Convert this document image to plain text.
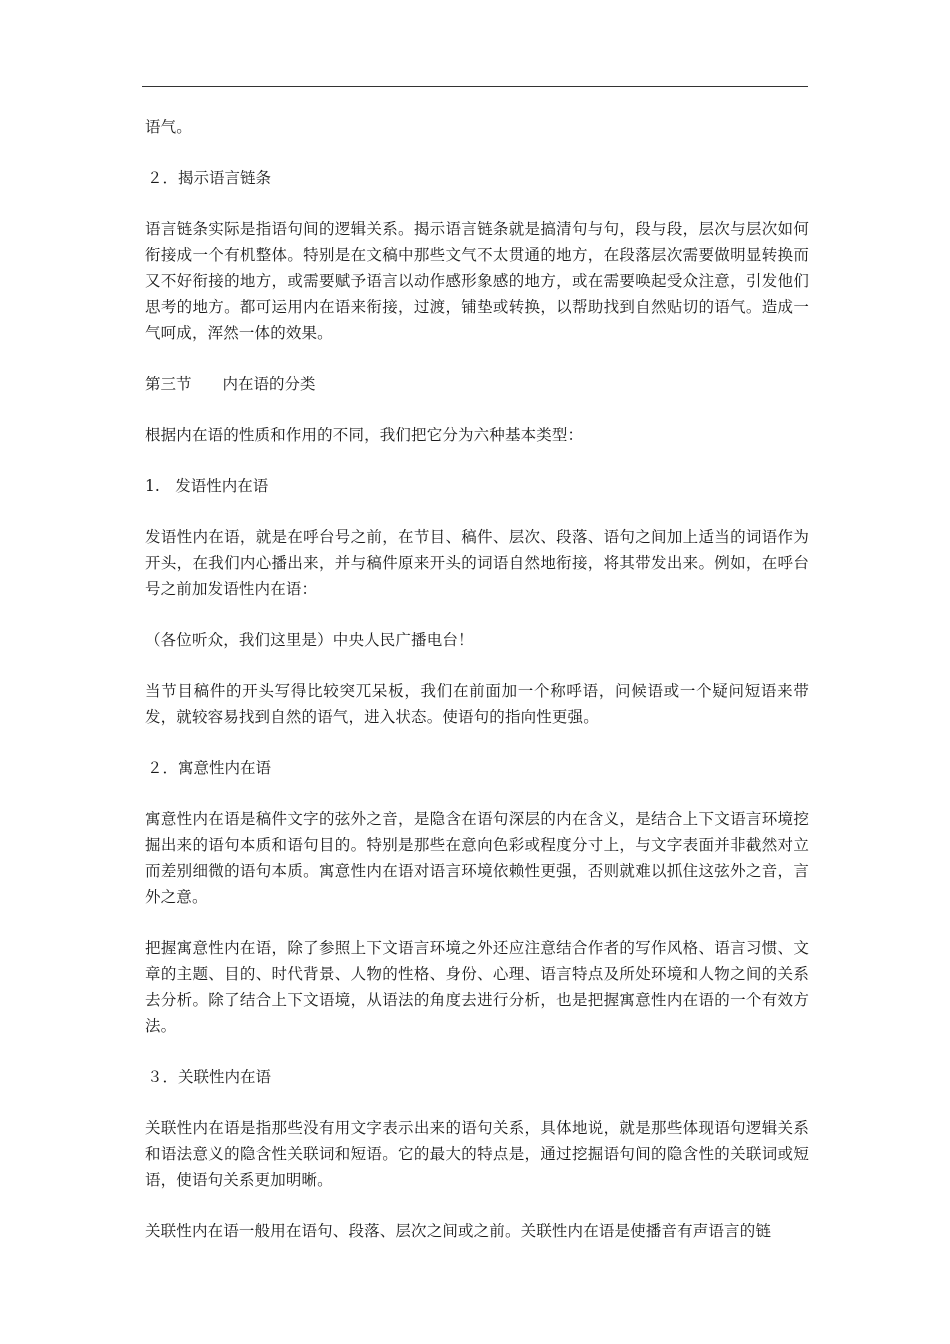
语气。

２．揭示语言链条

语言链条实际是指语句间的逻辑关系。揭示语言链条就是搞清句与句，段与段，层次与层次如何衔接成一个有机整体。特别是在文稿中那些文气不太贯通的地方，在段落层次需要做明显转换而又不好衔接的地方，或需要赋予语言以动作感形象感的地方，或在需要唤起受众注意，引发他们思考的地方。都可运用内在语来衔接，过渡，铺垫或转换，以帮助找到自然贴切的语气。造成一气呵成，浑然一体的效果。

第三节　　内在语的分类

根据内在语的性质和作用的不同，我们把它分为六种基本类型：

1.　发语性内在语

发语性内在语，就是在呼台号之前，在节目、稿件、层次、段落、语句之间加上适当的词语作为开头，在我们内心播出来，并与稿件原来开头的词语自然地衔接，将其带发出来。例如，在呼台号之前加发语性内在语：

（各位听众，我们这里是）中央人民广播电台！

当节目稿件的开头写得比较突兀呆板，我们在前面加一个称呼语，问候语或一个疑问短语来带发，就较容易找到自然的语气，进入状态。使语句的指向性更强。

２．寓意性内在语

寓意性内在语是稿件文字的弦外之音，是隐含在语句深层的内在含义，是结合上下文语言环境挖掘出来的语句本质和语句目的。特别是那些在意向色彩或程度分寸上，与文字表面并非截然对立而差别细微的语句本质。寓意性内在语对语言环境依赖性更强，否则就难以抓住这弦外之音，言外之意。

把握寓意性内在语，除了参照上下文语言环境之外还应注意结合作者的写作风格、语言习惯、文章的主题、目的、时代背景、人物的性格、身份、心理、语言特点及所处环境和人物之间的关系去分析。除了结合上下文语境，从语法的角度去进行分析，也是把握寓意性内在语的一个有效方法。

３．关联性内在语

关联性内在语是指那些没有用文字表示出来的语句关系，具体地说，就是那些体现语句逻辑关系和语法意义的隐含性关联词和短语。它的最大的特点是，通过挖掘语句间的隐含性的关联词或短语，使语句关系更加明晰。

关联性内在语一般用在语句、段落、层次之间或之前。关联性内在语是使播音有声语言的链
